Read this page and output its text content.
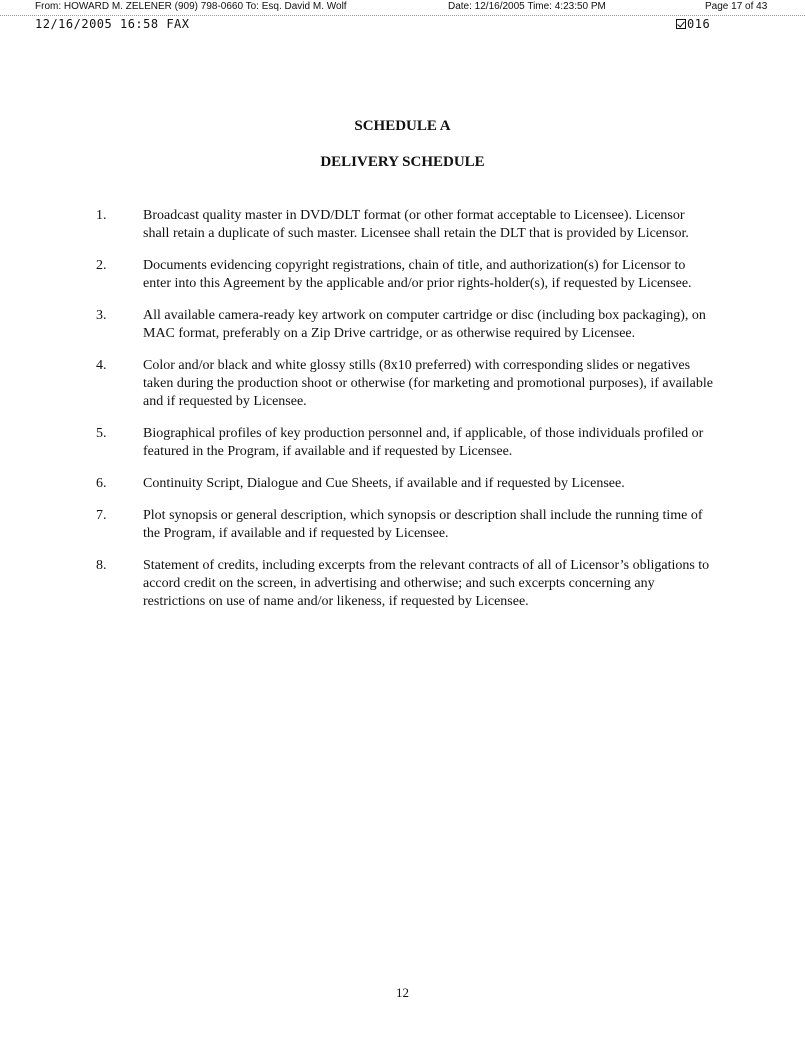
From: HOWARD M. ZELENER (909) 798-0660 To: Esq. David M. Wolf	Date: 12/16/2005 Time: 4:23:50 PM	Page 17 of 43
12/16/2005 16:58 FAX	016
SCHEDULE A
DELIVERY SCHEDULE
1.	Broadcast quality master in DVD/DLT format (or other format acceptable to Licensee). Licensor shall retain a duplicate of such master. Licensee shall retain the DLT that is provided by Licensor.
2.	Documents evidencing copyright registrations, chain of title, and authorization(s) for Licensor to enter into this Agreement by the applicable and/or prior rights-holder(s), if requested by Licensee.
3.	All available camera-ready key artwork on computer cartridge or disc (including box packaging), on MAC format, preferably on a Zip Drive cartridge, or as otherwise required by Licensee.
4.	Color and/or black and white glossy stills (8x10 preferred) with corresponding slides or negatives taken during the production shoot or otherwise (for marketing and promotional purposes), if available and if requested by Licensee.
5.	Biographical profiles of key production personnel and, if applicable, of those individuals profiled or featured in the Program, if available and if requested by Licensee.
6.	Continuity Script, Dialogue and Cue Sheets, if available and if requested by Licensee.
7.	Plot synopsis or general description, which synopsis or description shall include the running time of the Program, if available and if requested by Licensee.
8.	Statement of credits, including excerpts from the relevant contracts of all of Licensor’s obligations to accord credit on the screen, in advertising and otherwise; and such excerpts concerning any restrictions on use of name and/or likeness, if requested by Licensee.
12
